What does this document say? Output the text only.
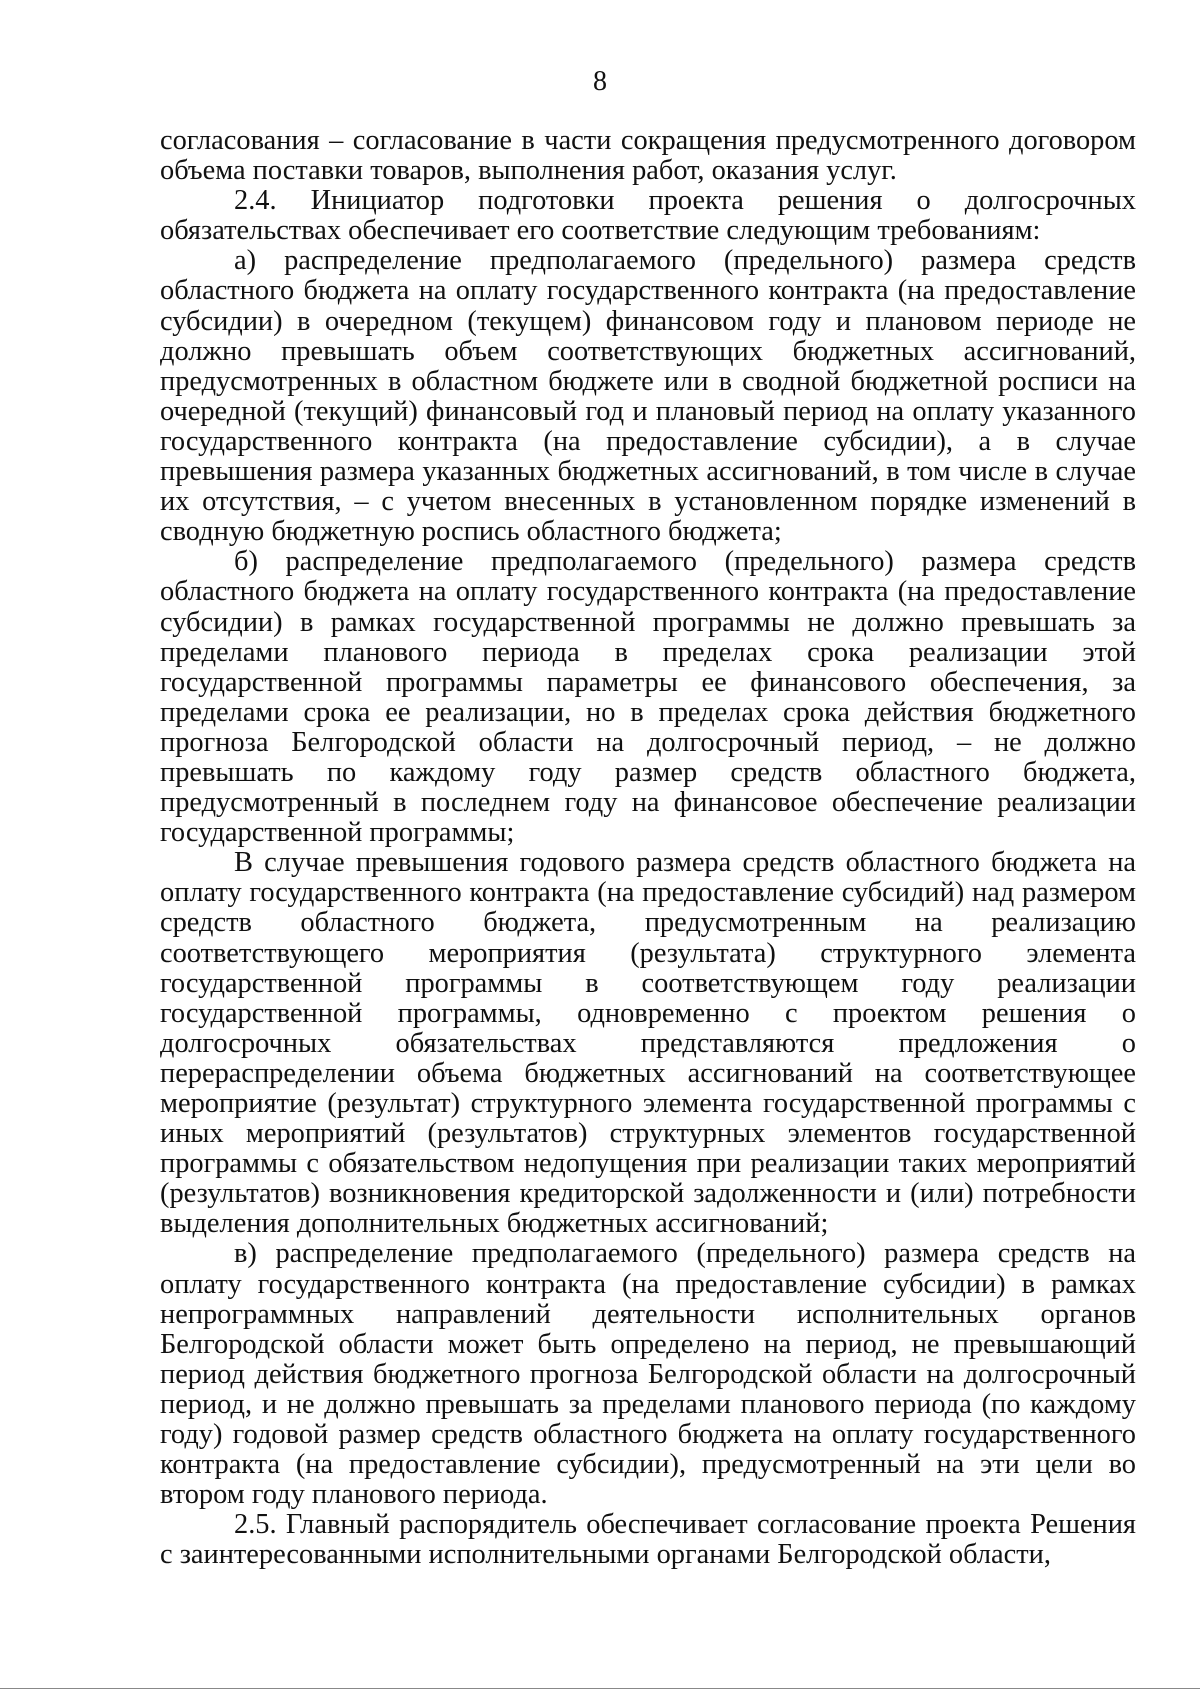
8

согласования – согласование в части сокращения предусмотренного договором объема поставки товаров, выполнения работ, оказания услуг.

2.4. Инициатор подготовки проекта решения о долгосрочных обязательствах обеспечивает его соответствие следующим требованиям:

а) распределение предполагаемого (предельного) размера средств областного бюджета на оплату государственного контракта (на предоставление субсидии) в очередном (текущем) финансовом году и плановом периоде не должно превышать объем соответствующих бюджетных ассигнований, предусмотренных в областном бюджете или в сводной бюджетной росписи на очередной (текущий) финансовый год и плановый период на оплату указанного государственного контракта (на предоставление субсидии), а в случае превышения размера указанных бюджетных ассигнований, в том числе в случае их отсутствия, – с учетом внесенных в установленном порядке изменений в сводную бюджетную роспись областного бюджета;

б) распределение предполагаемого (предельного) размера средств областного бюджета на оплату государственного контракта (на предоставление субсидии) в рамках государственной программы не должно превышать за пределами планового периода в пределах срока реализации этой государственной программы параметры ее финансового обеспечения, за пределами срока ее реализации, но в пределах срока действия бюджетного прогноза Белгородской области на долгосрочный период, – не должно превышать по каждому году размер средств областного бюджета, предусмотренный в последнем году на финансовое обеспечение реализации государственной программы;

В случае превышения годового размера средств областного бюджета на оплату государственного контракта (на предоставление субсидий) над размером средств областного бюджета, предусмотренным на реализацию соответствующего мероприятия (результата) структурного элемента государственной программы в соответствующем году реализации государственной программы, одновременно с проектом решения о долгосрочных обязательствах представляются предложения о перераспределении объема бюджетных ассигнований на соответствующее мероприятие (результат) структурного элемента государственной программы с иных мероприятий (результатов) структурных элементов государственной программы с обязательством недопущения при реализации таких мероприятий (результатов) возникновения кредиторской задолженности и (или) потребности выделения дополнительных бюджетных ассигнований;

в) распределение предполагаемого (предельного) размера средств на оплату государственного контракта (на предоставление субсидии) в рамках непрограммных направлений деятельности исполнительных органов Белгородской области может быть определено на период, не превышающий период действия бюджетного прогноза Белгородской области на долгосрочный период, и не должно превышать за пределами планового периода (по каждому году) годовой размер средств областного бюджета на оплату государственного контракта (на предоставление субсидии), предусмотренный на эти цели во втором году планового периода.

2.5. Главный распорядитель обеспечивает согласование проекта Решения с заинтересованными исполнительными органами Белгородской области,
